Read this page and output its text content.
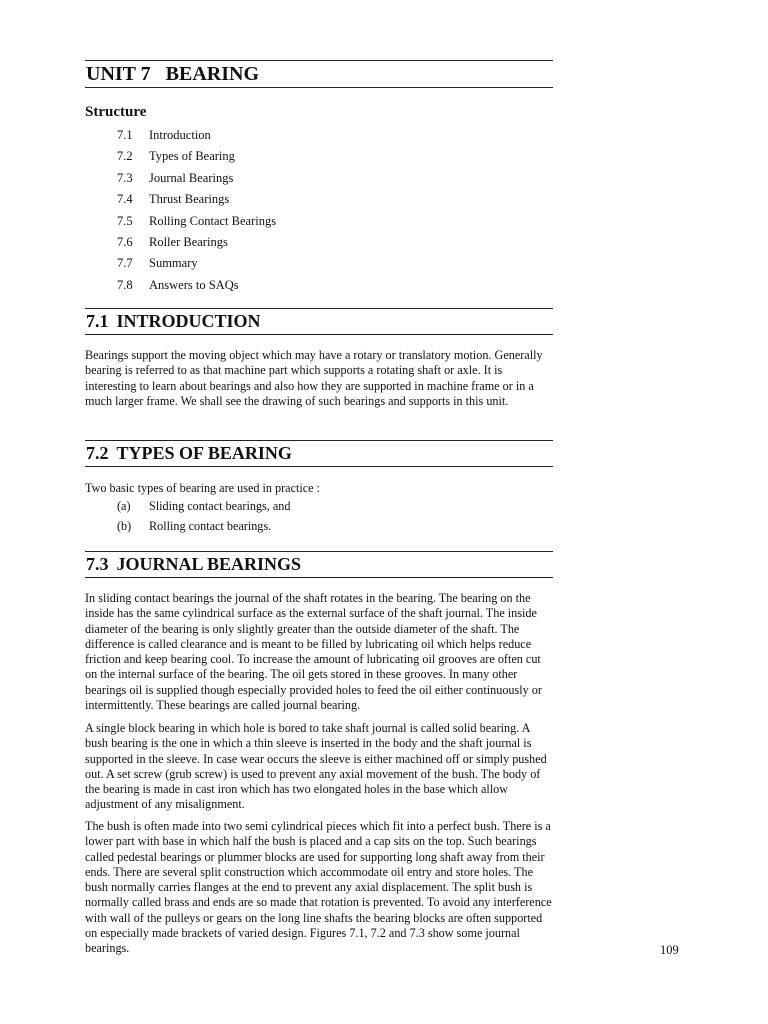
UNIT 7   BEARING
Structure
7.1 Introduction
7.2 Types of Bearing
7.3 Journal Bearings
7.4 Thrust Bearings
7.5 Rolling Contact Bearings
7.6 Roller Bearings
7.7 Summary
7.8 Answers to SAQs
7.1 INTRODUCTION

Bearings support the moving object which may have a rotary or translatory motion. Generally bearing is referred to as that machine part which supports a rotating shaft or axle. It is interesting to learn about bearings and also how they are supported in machine frame or in a much larger frame. We shall see the drawing of such bearings and supports in this unit.

7.2 TYPES OF BEARING

Two basic types of bearing are used in practice :

(a) Sliding contact bearings, and
(b) Rolling contact bearings.
7.3 JOURNAL BEARINGS

In sliding contact bearings the journal of the shaft rotates in the bearing. The bearing on the inside has the same cylindrical surface as the external surface of the shaft journal. The inside diameter of the bearing is only slightly greater than the outside diameter of the shaft. The difference is called clearance and is meant to be filled by lubricating oil which helps reduce friction and keep bearing cool. To increase the amount of lubricating oil grooves are often cut on the internal surface of the bearing. The oil gets stored in these grooves. In many other bearings oil is supplied though especially provided holes to feed the oil either continuously or intermittently. These bearings are called journal bearing.

A single block bearing in which hole is bored to take shaft journal is called solid bearing. A bush bearing is the one in which a thin sleeve is inserted in the body and the shaft journal is supported in the sleeve. In case wear occurs the sleeve is either machined off or simply pushed out. A set screw (grub screw) is used to prevent any axial movement of the bush. The body of the bearing is made in cast iron which has two elongated holes in the base which allow adjustment of any misalignment.

The bush is often made into two semi cylindrical pieces which fit into a perfect bush. There is a lower part with base in which half the bush is placed and a cap sits on the top. Such bearings called pedestal bearings or plummer blocks are used for supporting long shaft away from their ends. There are several split construction which accommodate oil entry and store holes. The bush normally carries flanges at the end to prevent any axial displacement. The split bush is normally called brass and ends are so made that rotation is prevented. To avoid any interference with wall of the pulleys or gears on the long line shafts the bearing blocks are often supported on especially made brackets of varied design. Figures 7.1, 7.2 and 7.3 show some journal bearings.	109
